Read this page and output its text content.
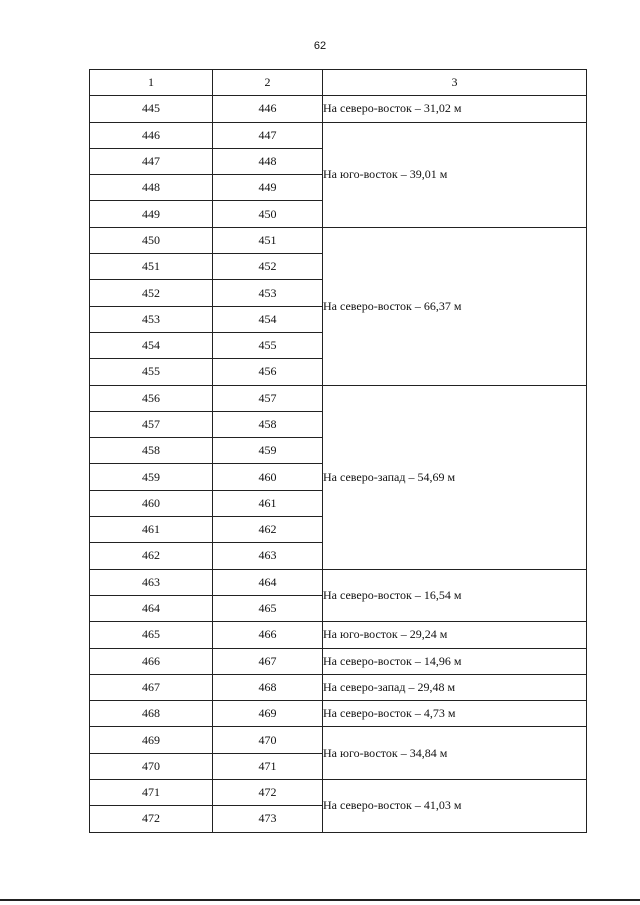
62
1	2	3
445	446	На северо-восток – 31,02 м
446	447	На юго-восток – 39,01 м
447	448	
448	449	
449	450	
450	451	На северо-восток – 66,37 м
451	452	
452	453	
453	454	
454	455	
455	456	
456	457	На северо-запад – 54,69 м
457	458	
458	459	
459	460	
460	461	
461	462	
462	463	
463	464	На северо-восток – 16,54 м
464	465	
465	466	На юго-восток – 29,24 м
466	467	На северо-восток – 14,96 м
467	468	На северо-запад – 29,48 м
468	469	На северо-восток – 4,73 м
469	470	На юго-восток – 34,84 м
470	471	
471	472	На северо-восток – 41,03 м
472	473	
